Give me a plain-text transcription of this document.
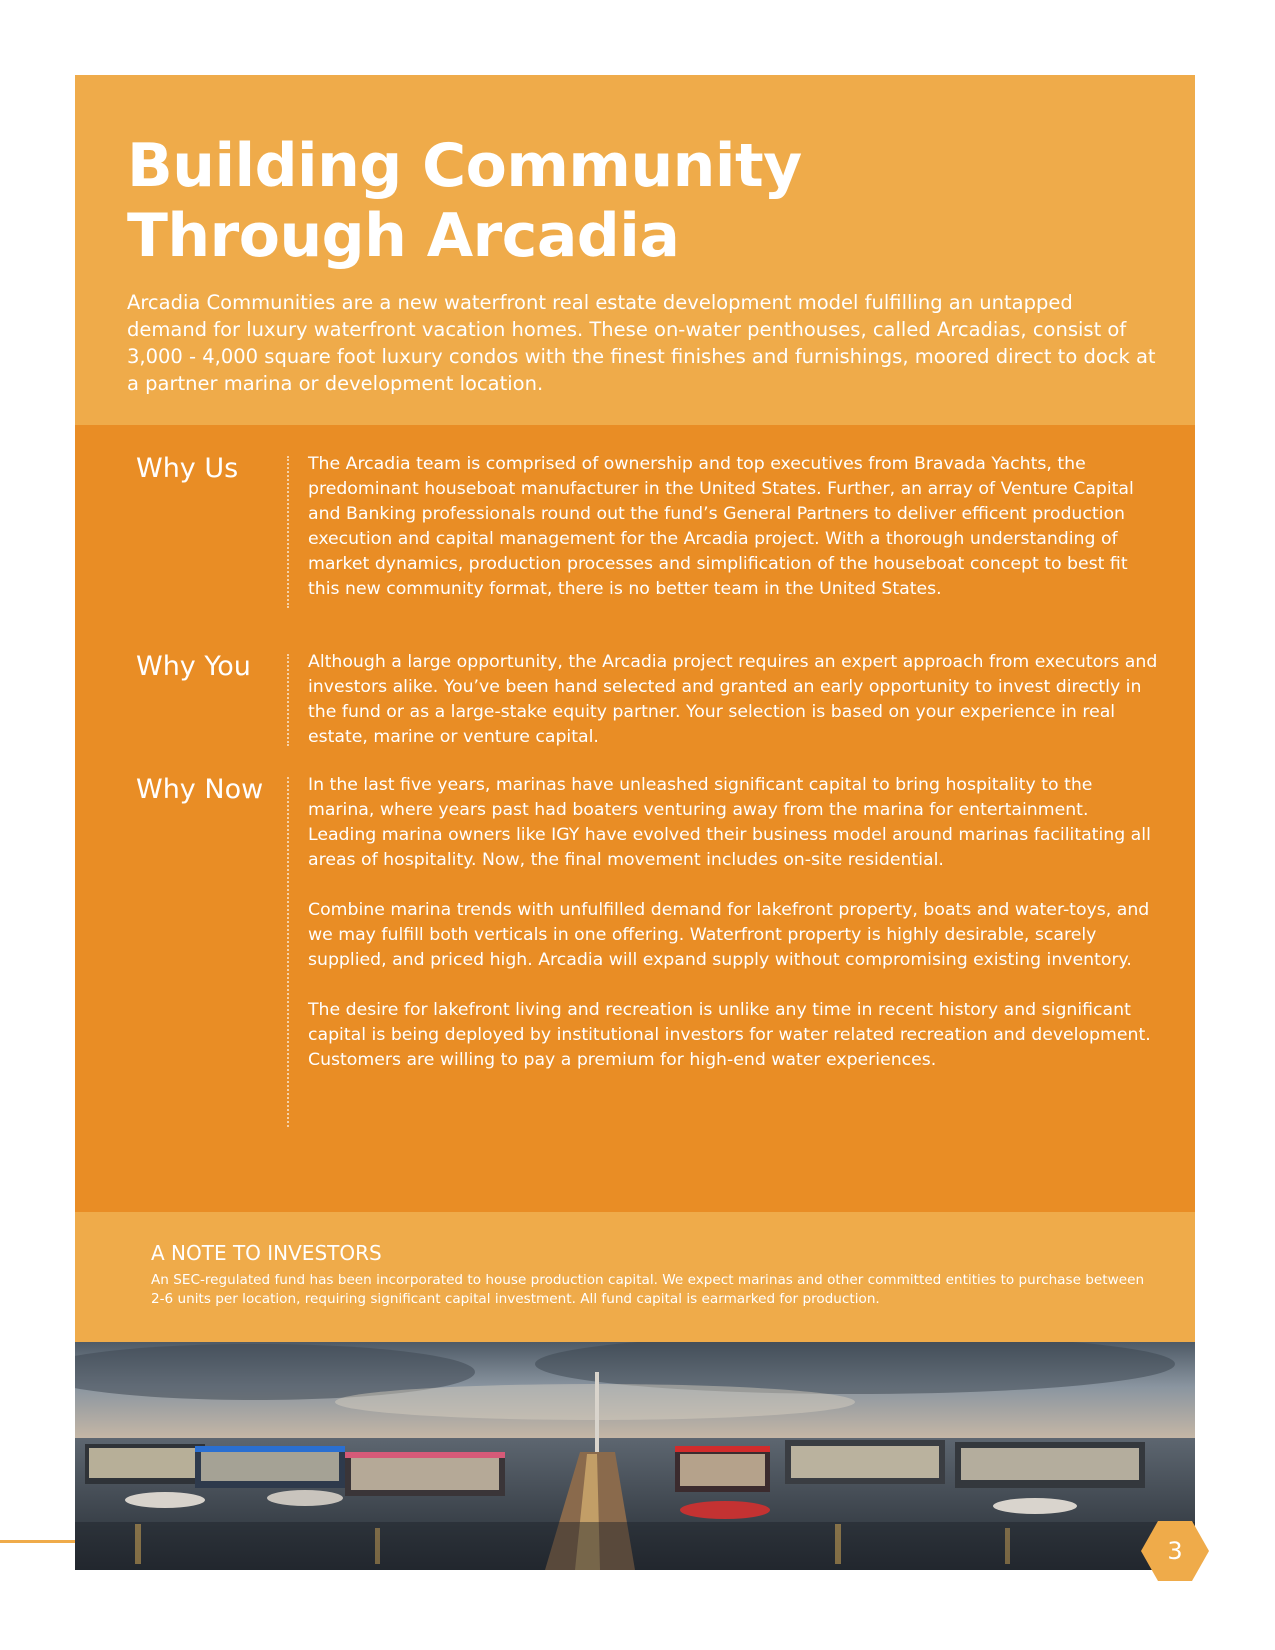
Building Community
Through Arcadia

Arcadia Communities are a new waterfront real estate development model fulfilling an untapped demand for luxury waterfront vacation homes. These on-water penthouses, called Arcadias, consist of 3,000 - 4,000 square foot luxury condos with the finest finishes and furnishings, moored direct to dock at a partner marina or development location.

Why Us	The Arcadia team is comprised of ownership and top executives from Bravada Yachts, the predominant houseboat manufacturer in the United States. Further, an array of Venture Capital and Banking professionals round out the fund’s General Partners to deliver efficent production execution and capital management for the Arcadia project. With a thorough understanding of market dynamics, production processes and simplification of the houseboat concept to best fit this new community format, there is no better team in the United States.

Why You	Although a large opportunity, the Arcadia project requires an expert approach from executors and investors alike. You’ve been hand selected and granted an early opportunity to invest directly in the fund or as a large-stake equity partner. Your selection is based on your experience in real estate, marine or venture capital.

Why Now	In the last five years, marinas have unleashed significant capital to bring hospitality to the marina, where years past had boaters venturing away from the marina for entertainment. Leading marina owners like IGY have evolved their business model around marinas facilitating all areas of hospitality. Now, the final movement includes on-site residential.

Combine marina trends with unfulfilled demand for lakefront property, boats and water-toys, and we may fulfill both verticals in one offering. Waterfront property is highly desirable, scarely supplied, and priced high. Arcadia will expand supply without compromising existing inventory.

The desire for lakefront living and recreation is unlike any time in recent history and significant capital is being deployed by institutional investors for water related recreation and development. Customers are willing to pay a premium for high-end water experiences.

A NOTE TO INVESTORS

An SEC-regulated fund has been incorporated to house production capital. We expect marinas and other committed entities to purchase between 2-6 units per location, requiring significant capital investment. All fund capital is earmarked for production.

3
